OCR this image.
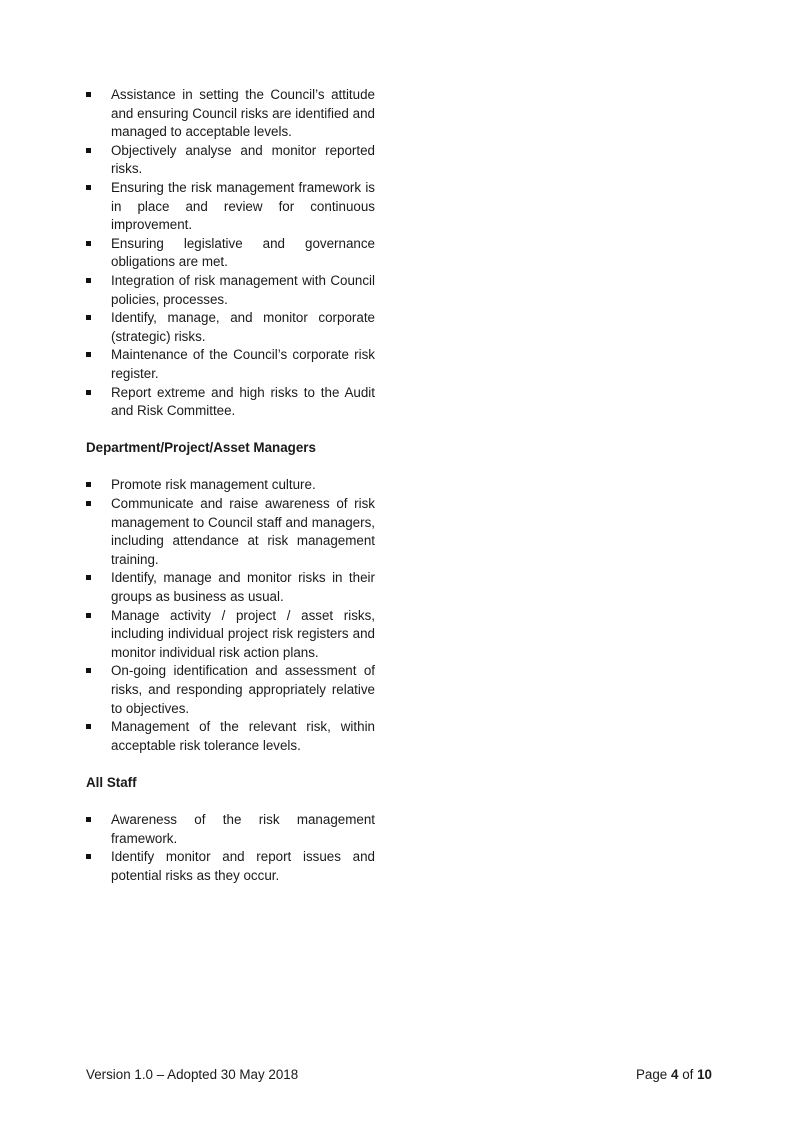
Assistance in setting the Council’s attitude and ensuring Council risks are identified and managed to acceptable levels.
Objectively analyse and monitor reported risks.
Ensuring the risk management framework is in place and review for continuous improvement.
Ensuring legislative and governance obligations are met.
Integration of risk management with Council policies, processes.
Identify, manage, and monitor corporate (strategic) risks.
Maintenance of the Council’s corporate risk register.
Report extreme and high risks to the Audit and Risk Committee.

Department/Project/Asset Managers

Promote risk management culture.
Communicate and raise awareness of risk management to Council staff and managers, including attendance at risk management training.
Identify, manage and monitor risks in their groups as business as usual.
Manage activity / project / asset risks, including individual project risk registers and monitor individual risk action plans.
On-going identification and assessment of risks, and responding appropriately relative to objectives.
Management of the relevant risk, within acceptable risk tolerance levels.

All Staff

Awareness of the risk management framework.
Identify monitor and report issues and potential risks as they occur.
Version 1.0 – Adopted 30 May 2018	Page 4 of 10
